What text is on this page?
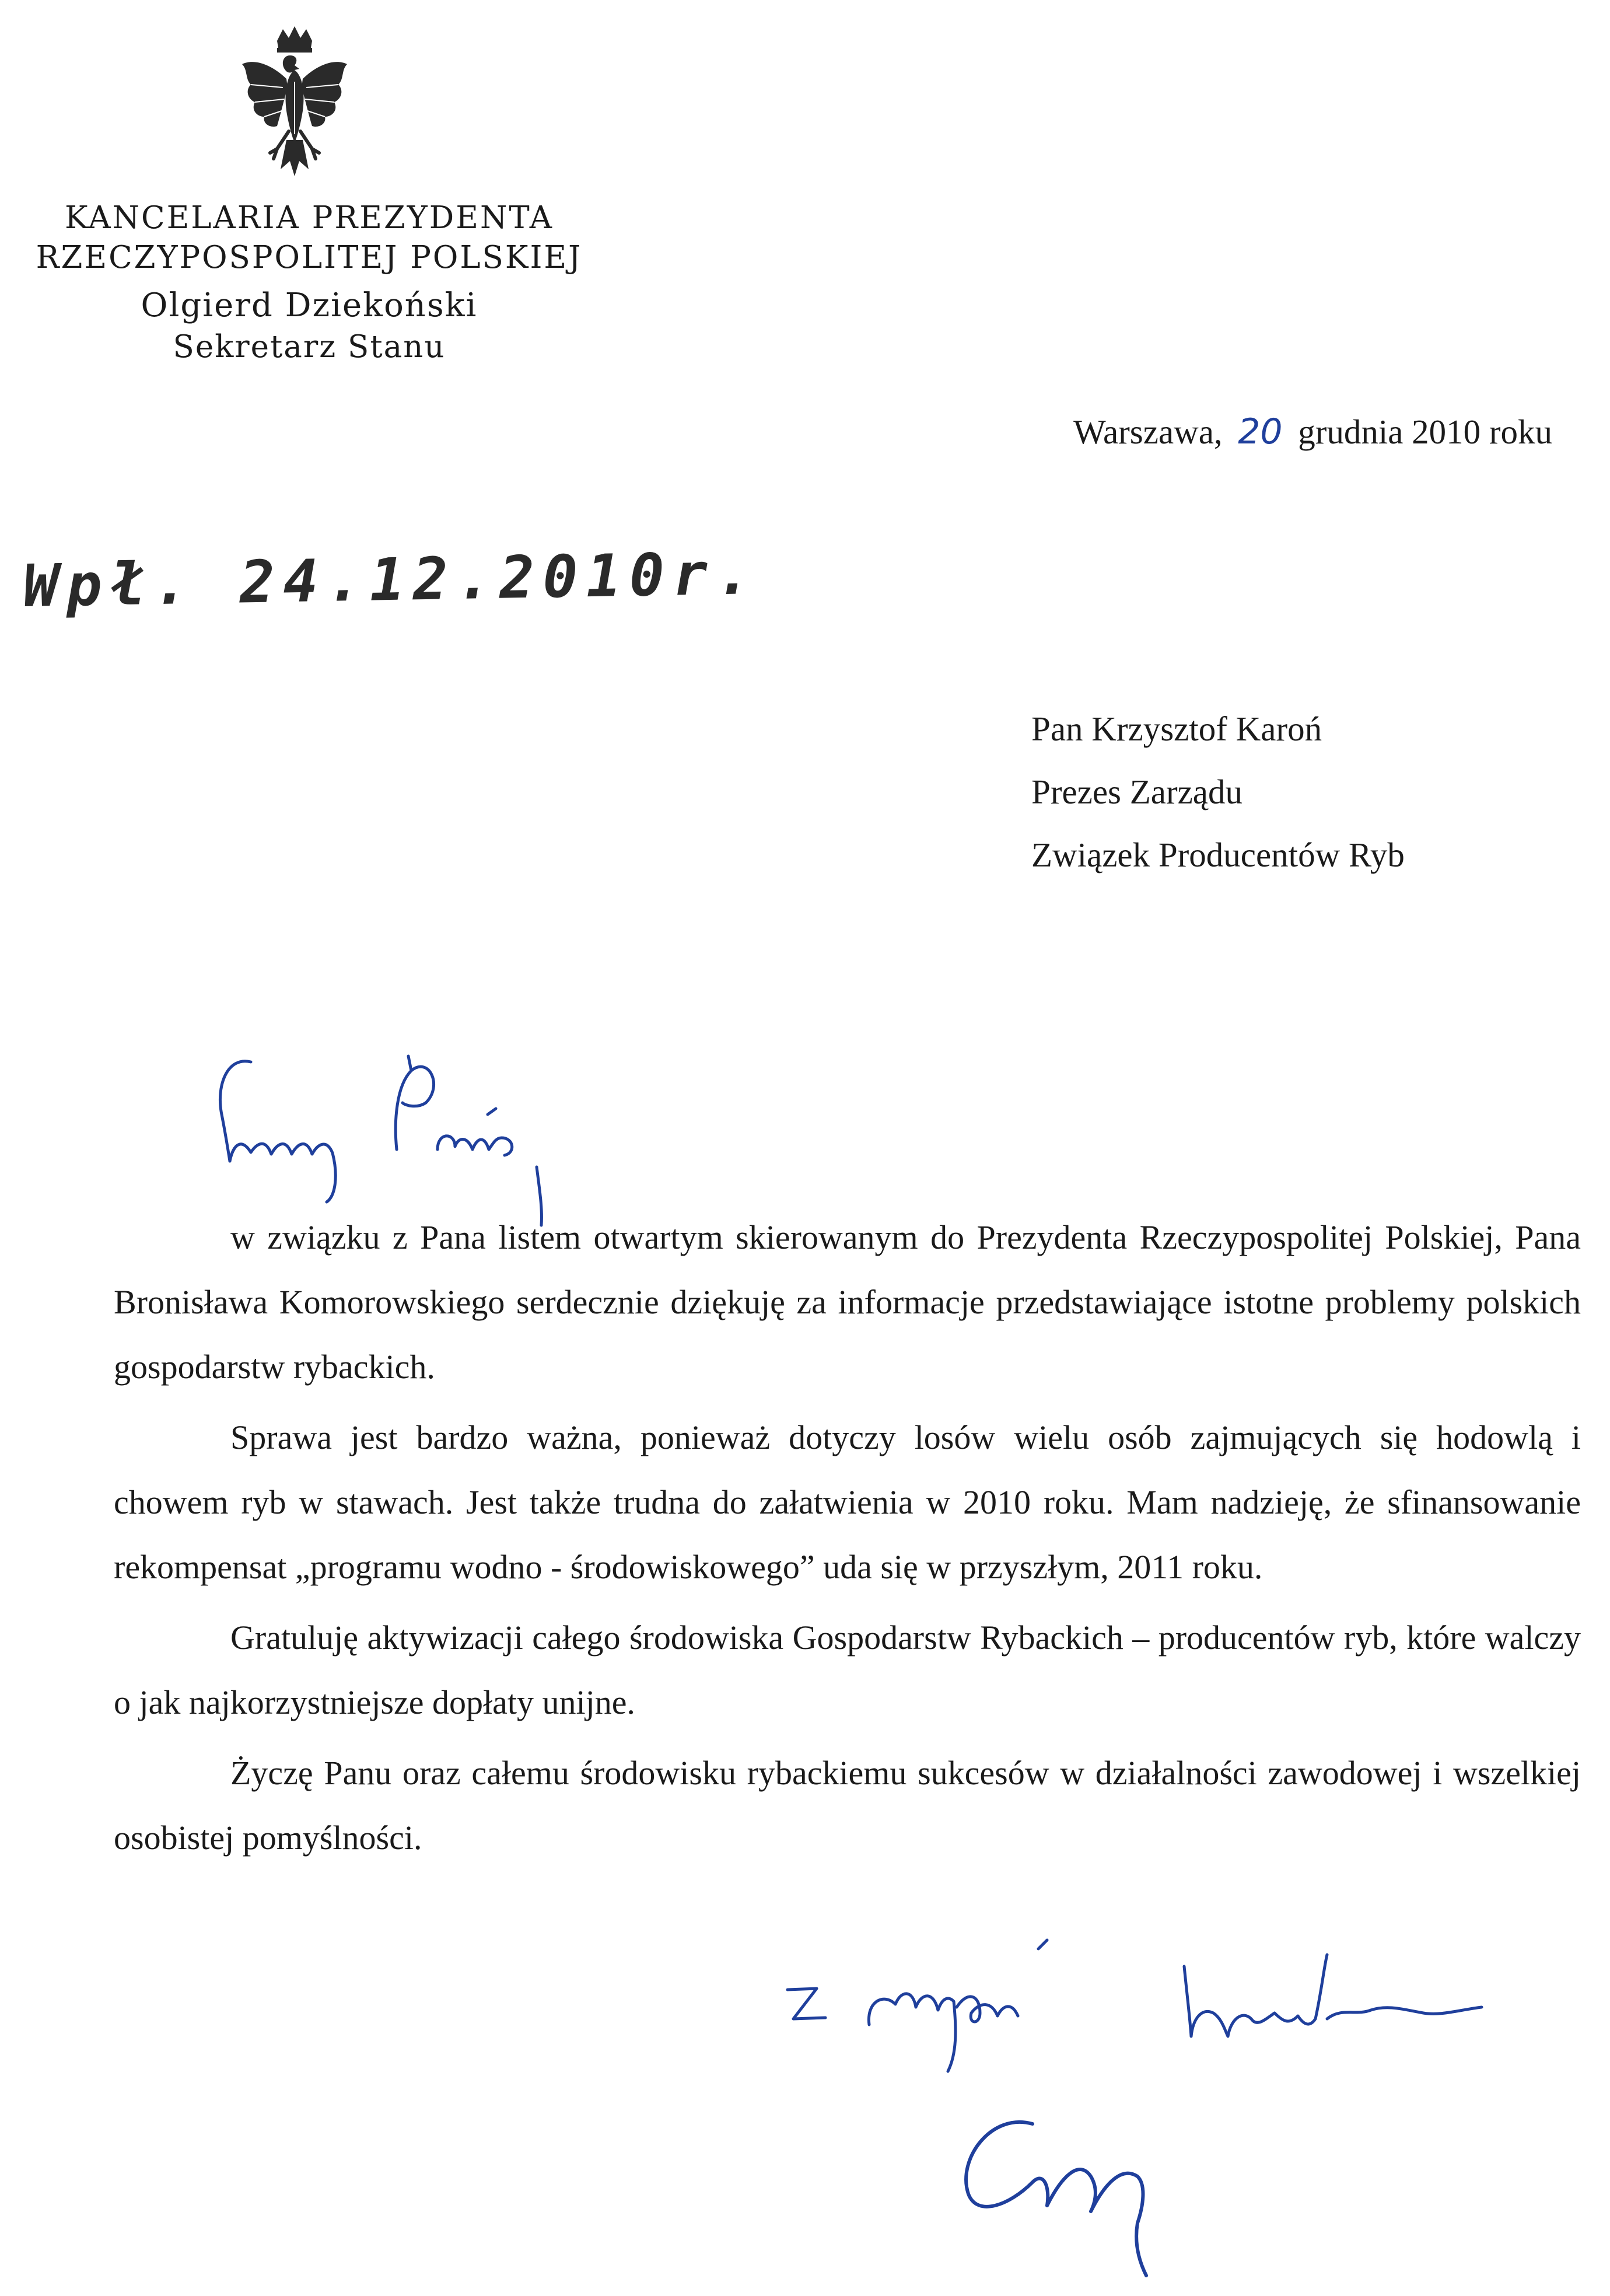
KANCELARIA PREZYDENTA
RZECZYPOSPOLITEJ POLSKIEJ
Olgierd Dziekoński
Sekretarz Stanu
Warszawa, 20 grudnia 2010 roku
Wpł. 24.12.2010r.
Pan Krzysztof Karoń
Prezes Zarządu
Związek Producentów Ryb

w związku z Pana listem otwartym skierowanym do Prezydenta Rzeczypospolitej Polskiej, Pana Bronisława Komorowskiego serdecznie dziękuję za informacje przedstawiające istotne problemy polskich gospodarstw rybackich.

Sprawa jest bardzo ważna, ponieważ dotyczy losów wielu osób zajmujących się hodowlą i chowem ryb w stawach. Jest także trudna do załatwienia w 2010 roku. Mam nadzieję, że sfinansowanie rekompensat „programu wodno - środowiskowego” uda się w przyszłym, 2011 roku.

Gratuluję aktywizacji całego środowiska Gospodarstw Rybackich – producentów ryb, które walczy o jak najkorzystniejsze dopłaty unijne.

Życzę Panu oraz całemu środowisku rybackiemu sukcesów w działalności zawodowej i wszelkiej osobistej pomyślności.
